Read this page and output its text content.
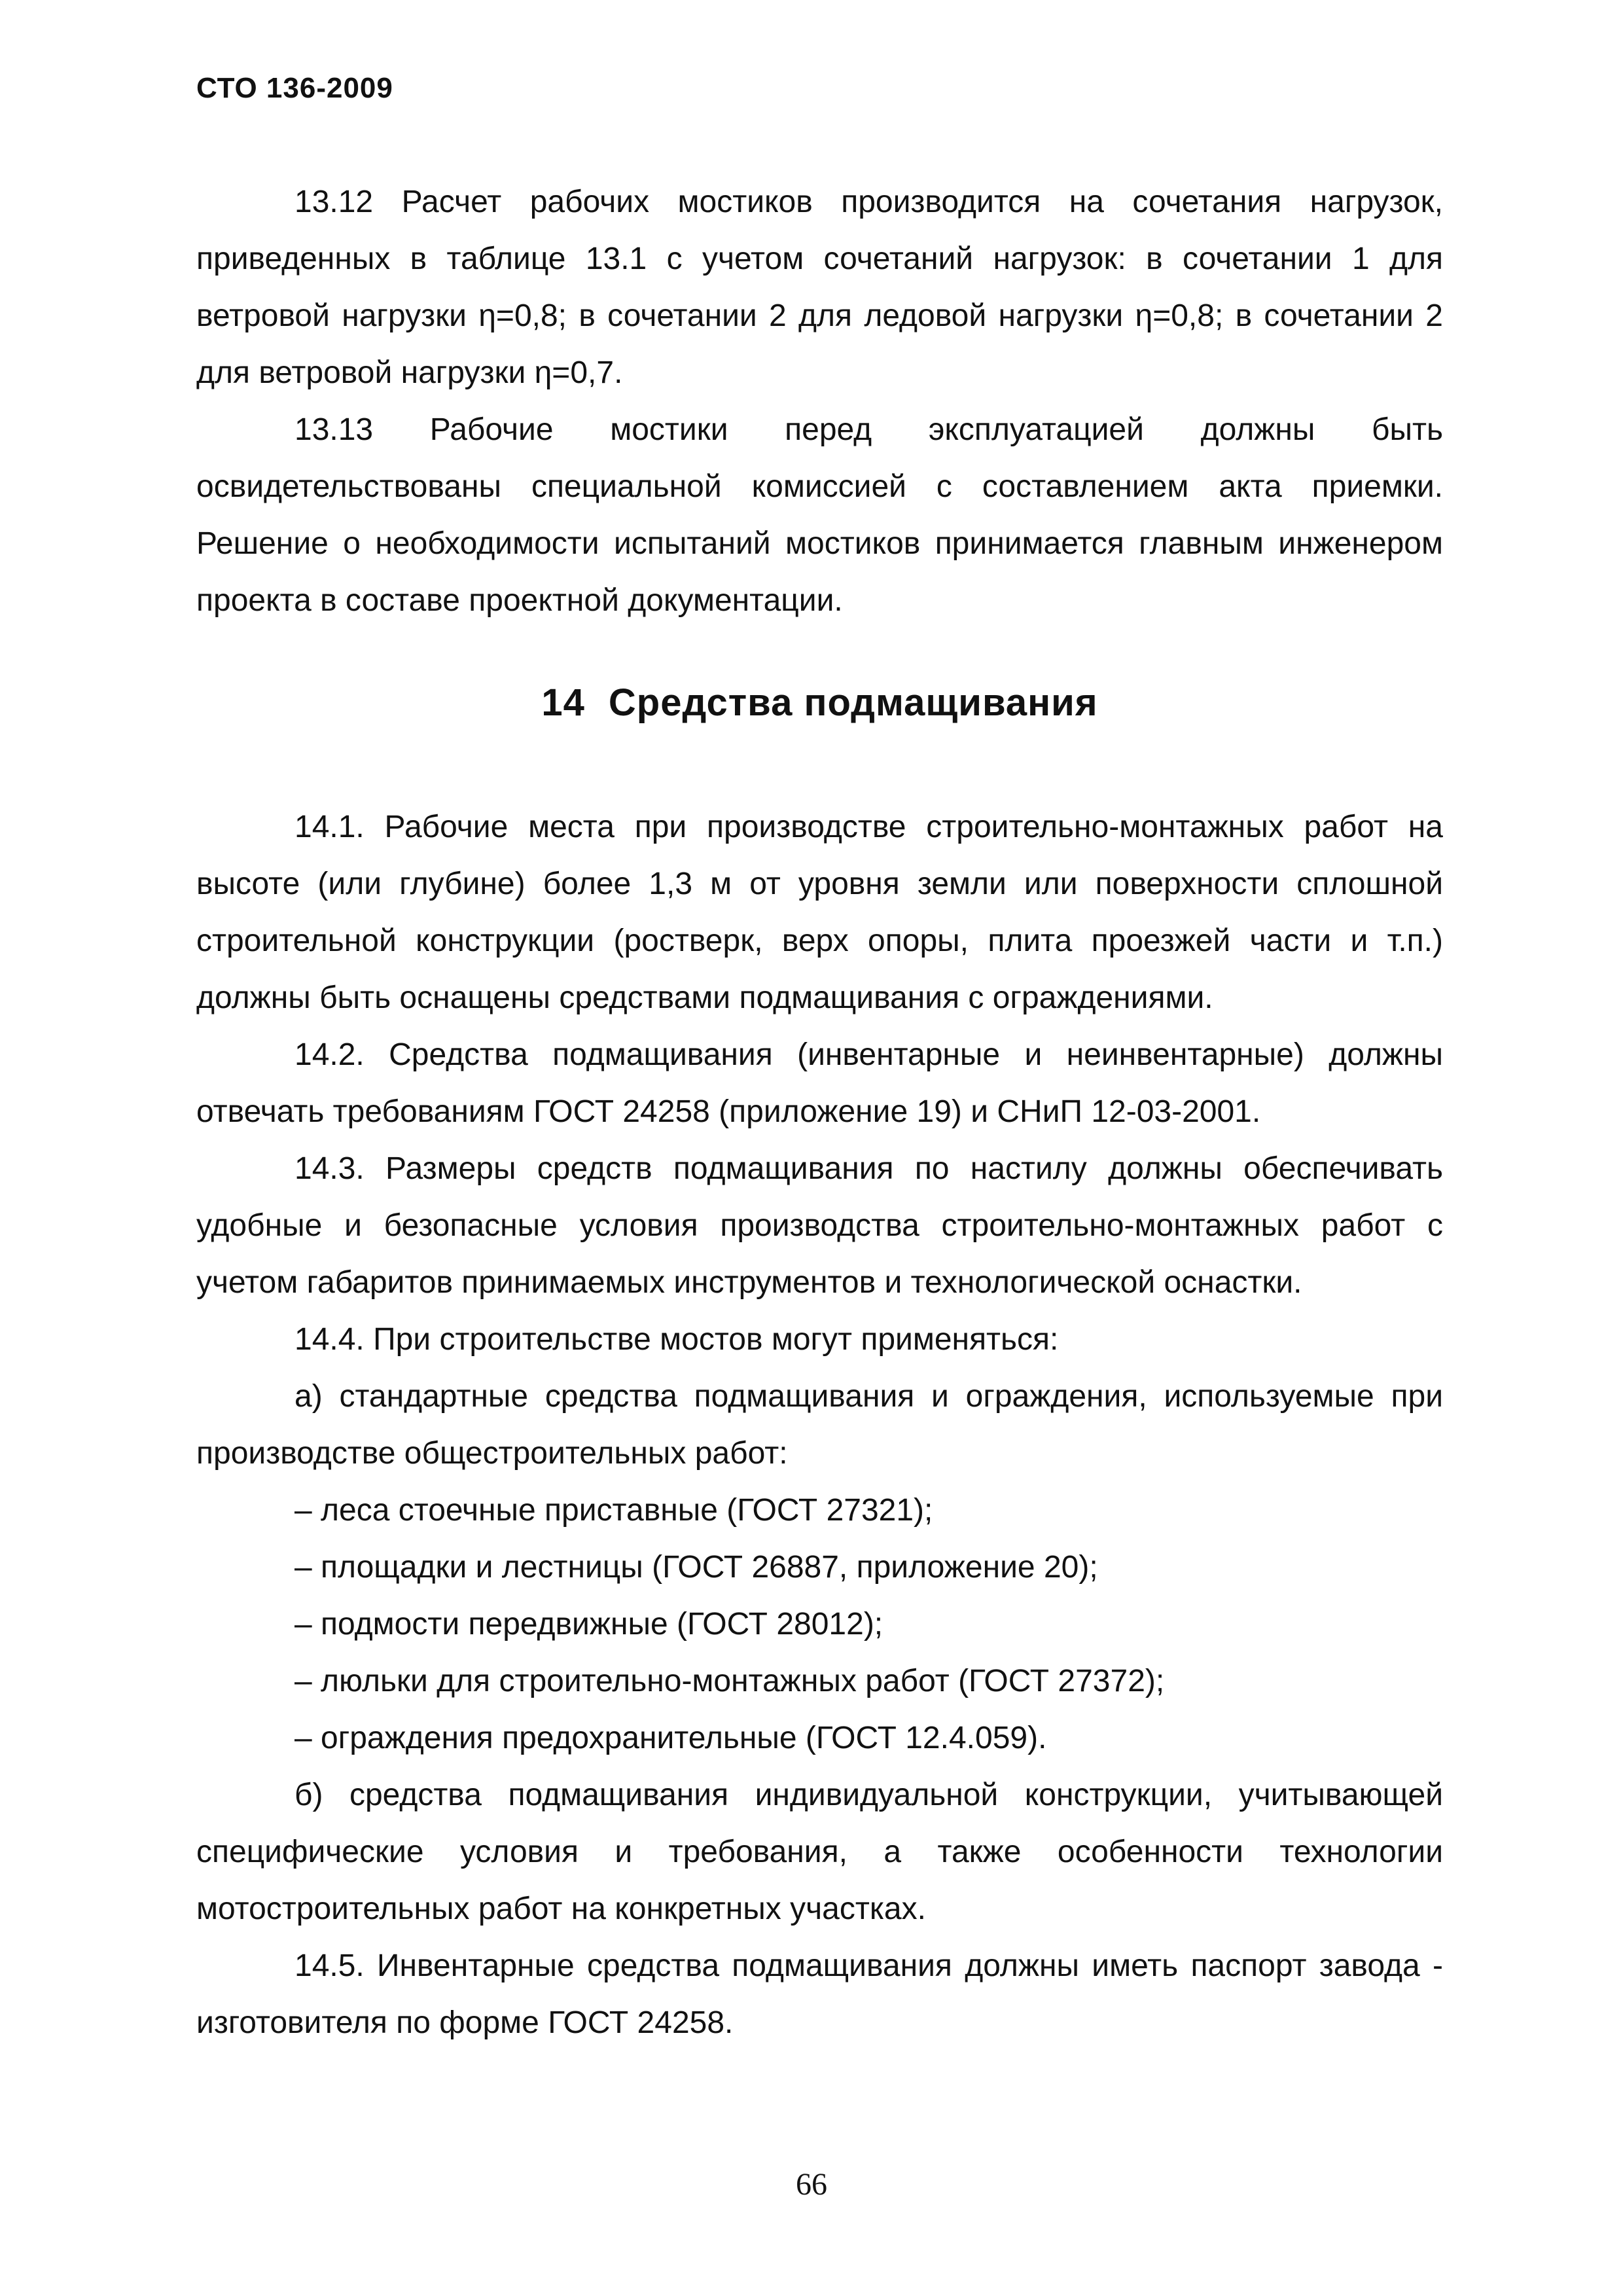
СТО 136-2009

13.12 Расчет рабочих мостиков производится на сочетания нагрузок, приведенных в таблице 13.1 с учетом сочетаний нагрузок: в сочетании 1 для ветровой нагрузки η=0,8; в сочетании 2 для ледовой нагрузки η=0,8; в сочетании 2 для ветровой нагрузки η=0,7.

13.13 Рабочие мостики перед эксплуатацией должны быть освидетельствованы специальной комиссией с составлением акта приемки. Решение о необходимости испытаний мостиков принимается главным инженером проекта в составе проектной документации.

14 Средства подмащивания

14.1. Рабочие места при производстве строительно-монтажных работ на высоте (или глубине) более 1,3 м от уровня земли или поверхности сплошной строительной конструкции (ростверк, верх опоры, плита проезжей части и т.п.) должны быть оснащены средствами подмащивания с ограждениями.

14.2. Средства подмащивания (инвентарные и неинвентарные) должны отвечать требованиям ГОСТ 24258 (приложение 19) и СНиП 12-03-2001.

14.3. Размеры средств подмащивания по настилу должны обеспечивать удобные и безопасные условия производства строительно-монтажных работ с учетом габаритов принимаемых инструментов и технологической оснастки.

14.4. При строительстве мостов могут применяться:

а) стандартные средства подмащивания и ограждения, используемые при производстве общестроительных работ:

– леса стоечные приставные (ГОСТ 27321);

– площадки и лестницы (ГОСТ 26887, приложение 20);

– подмости передвижные (ГОСТ 28012);

– люльки для строительно-монтажных работ (ГОСТ 27372);

– ограждения предохранительные (ГОСТ 12.4.059).

б) средства подмащивания индивидуальной конструкции, учитывающей специфические условия и требования, а также особенности технологии мотостроительных работ на конкретных участках.

14.5. Инвентарные средства подмащивания должны иметь паспорт завода - изготовителя по форме ГОСТ 24258.

66
